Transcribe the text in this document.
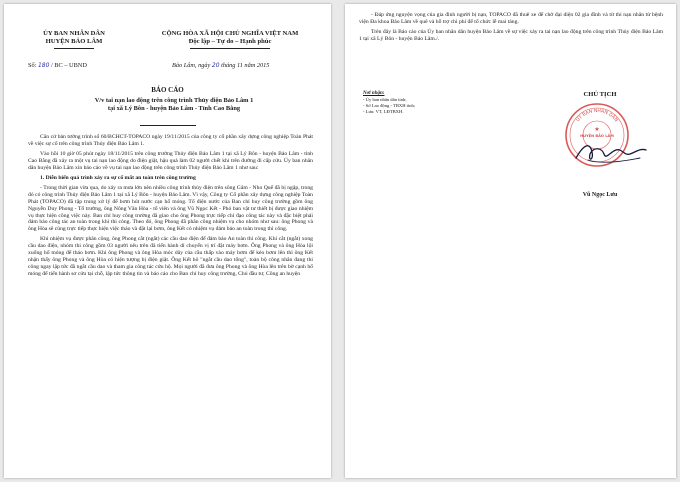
ỦY BAN NHÂN DÂN
HUYỆN BẢO LÂM
CỘNG HÒA XÃ HỘI CHỦ NGHĨA VIỆT NAM
Độc lập – Tự do – Hạnh phúc
Số: 180 / BC – UBND	Bảo Lâm, ngày 20 tháng 11 năm 2015
BÁO CÁO
V/v tai nạn lao động trên công trình Thủy điện Bảo Lâm 1
tại xã Lý Bôn - huyện Bảo Lâm - Tỉnh Cao Bằng

Căn cứ bản tường trình số 60/BCHCT-TOPACO ngày 19/11/2015 của công ty cổ phần xây dựng công nghiệp Toàn Phát về việc sự cố trên công trình Thủy điện Bảo Lâm 1.

Vào hồi 10 giờ 05 phút ngày 18/11/2015 trên công trường Thủy điện Bảo Lâm 1 tại xã Lý Bôn - huyện Bảo Lâm - tỉnh Cao Bằng đã xảy ra một vụ tai nạn lao động do điện giật, hậu quả làm 02 người chết khi trên đường đi cấp cứu. Ủy ban nhân dân huyện Bảo Lâm xin báo cáo về vụ tai nạn lao động trên công trình Thủy điện Bảo Lâm 1 như sau:

1. Diễn biến quá trình xảy ra sự cố mất an toàn trên công trường

- Trong thời gian vừa qua, do xảy ra mưa lớn nên nhiều công trình thủy điện trên sông Gâm - Nho Quế đã bị ngập, trong đó có công trình Thủy điện Bảo Lâm 1 tại xã Lý Bôn - huyện Bảo Lâm. Vì vậy, Công ty Cổ phần xây dựng công nghiệp Toàn Phát (TOPACO) đã tập trung xử lý để bơm hút nước cạn hố móng. Tổ điện nước của Ban chỉ huy công trường gồm ông Nguyễn Duy Phong - Tổ trưởng, ông Nông Văn Hòa - tổ viên và ông Vũ Ngọc Kết - Phó ban vật tư thiết bị được giao nhiệm vụ thực hiện công việc này. Ban chỉ huy công trường đã giao cho ông Phong trực tiếp chỉ đạo công tác này và đặc biệt phải đảm bảo công tác an toàn trong khi thi công. Theo đó, ông Phong đã phân công nhiệm vụ cho nhóm như sau: ông Phong và ông Hòa sẽ cùng trực tiếp thực hiện việc tháo và đặt lại bơm, ông Kết có nhiệm vụ đảm bảo an toàn trong thi công.

Khi nhiệm vụ được phân công, ông Phong cắt (ngắt) các cầu dao điện để đảm bảo An toàn thi công. Khi cắt (ngắt) xong cầu dao điện, nhóm thi công gồm 03 người nêu trên đã tiến hành di chuyển vị trí đặt máy bơm. Ông Phong và ông Hòa lội xuống hố móng để tháo bơm. Khi ông Phong và ông Hòa móc dây của cầu thấp vào máy bơm để kéo bơm lên thì ông Kết nhận thấy ông Phong và ông Hòa có hiện tượng bị điện giật. Ông Kết hô "ngắt cầu dao tổng", toàn bộ công nhân đang thi công ngay lập tức đã ngắt cầu dao và tham gia công tác cứu hộ. Mọi người đã đưa ông Phong và ông Hòa lên trên bờ cạnh hố móng để tiến hành sơ cứu tại chỗ, lập tức thông tin và báo cáo cho Ban chỉ huy công trường, Chủ đầu tư, Công an huyện

- Đáp ứng nguyện vọng của gia đình người bị nạn, TOPACO đã thuê xe để chở đại diện 02 gia đình và từ thi nạn nhân từ bệnh viện Đa khoa Bảo Lâm về quê và hỗ trợ chi phí để tổ chức lễ mai táng.

Trên đây là Báo cáo của Ủy ban nhân dân huyện Bảo Lâm về sự việc xảy ra tai nạn lao động trên công trình Thủy điện Bảo Lâm 1 tại xã Lý Bôn - huyện Bảo Lâm./.

Nơi nhận:
- Ủy ban nhân dân tỉnh;
- Sở Lao động - TBXH tỉnh;
- Lưu: VT, LĐTBXH.
CHỦ TỊCH
ỦY BAN NHÂN DÂN
HUYỆN BẢO LÂM
★
Vũ Ngọc Lưu
